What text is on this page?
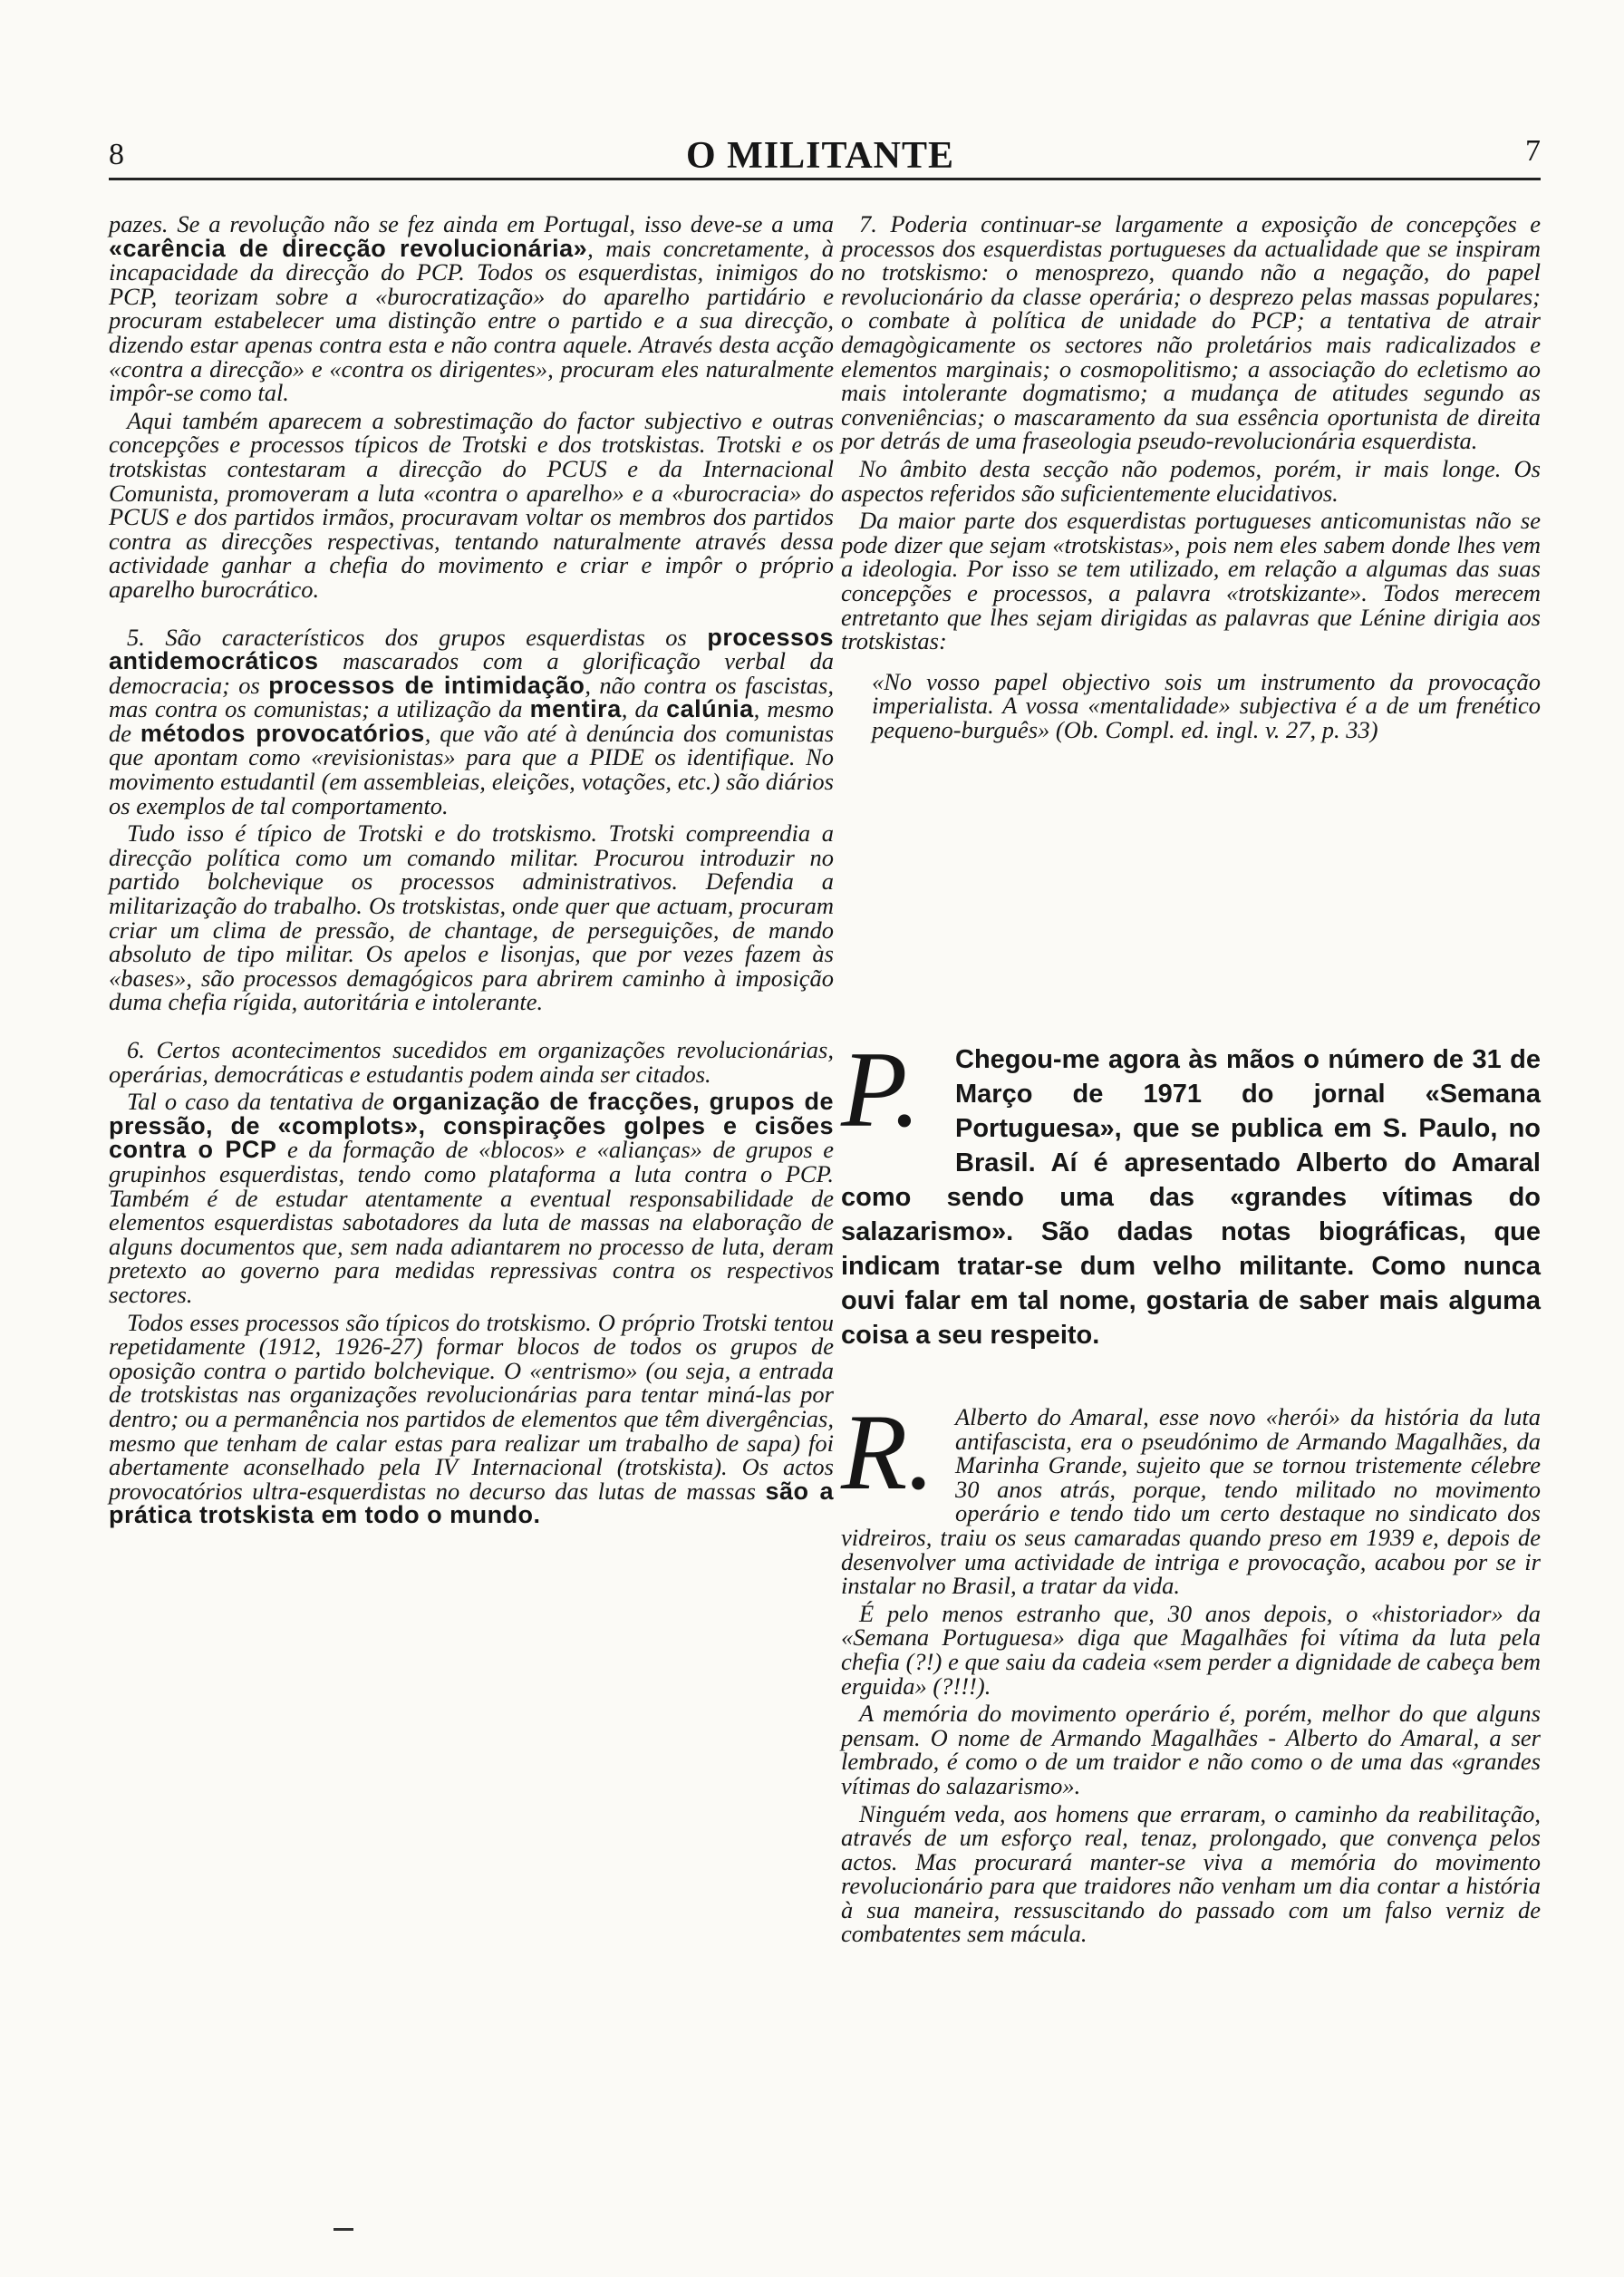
8	O MILITANTE	7

pazes. Se a revolução não se fez ainda em Portugal, isso deve-se a uma «carência de direcção revolucionária», mais concretamente, à incapacidade da direcção do PCP. Todos os esquerdistas, inimigos do PCP, teorizam sobre a «burocratização» do aparelho partidário e procuram estabelecer uma distinção entre o partido e a sua direcção, dizendo estar apenas contra esta e não contra aquele. Através desta acção «contra a direcção» e «contra os dirigentes», procuram eles naturalmente impôr-se como tal.

Aqui também aparecem a sobrestimação do factor subjectivo e outras concepções e processos típicos de Trotski e dos trotskistas. Trotski e os trotskistas contestaram a direcção do PCUS e da Internacional Comunista, promoveram a luta «contra o aparelho» e a «burocracia» do PCUS e dos partidos irmãos, procuravam voltar os membros dos partidos contra as direcções respectivas, tentando naturalmente através dessa actividade ganhar a chefia do movimento e criar e impôr o próprio aparelho burocrático.

5. São característicos dos grupos esquerdistas os processos antidemocráticos mascarados com a glorificação verbal da democracia; os processos de intimidação, não contra os fascistas, mas contra os comunistas; a utilização da mentira, da calúnia, mesmo de métodos provocatórios, que vão até à denúncia dos comunistas que apontam como «revisionistas» para que a PIDE os identifique. No movimento estudantil (em assembleias, eleições, votações, etc.) são diários os exemplos de tal comportamento.

Tudo isso é típico de Trotski e do trotskismo. Trotski compreendia a direcção política como um comando militar. Procurou introduzir no partido bolchevique os processos administrativos. Defendia a militarização do trabalho. Os trotskistas, onde quer que actuam, procuram criar um clima de pressão, de chantage, de perseguições, de mando absoluto de tipo militar. Os apelos e lisonjas, que por vezes fazem às «bases», são processos demagógicos para abrirem caminho à imposição duma chefia rígida, autoritária e intolerante.

6. Certos acontecimentos sucedidos em organizações revolucionárias, operárias, democráticas e estudantis podem ainda ser citados.

Tal o caso da tentativa de organização de fracções, grupos de pressão, de «complots», conspirações golpes e cisões contra o PCP e da formação de «blocos» e «alianças» de grupos e grupinhos esquerdistas, tendo como plataforma a luta contra o PCP. Também é de estudar atentamente a eventual responsabilidade de elementos esquerdistas sabotadores da luta de massas na elaboração de alguns documentos que, sem nada adiantarem no processo de luta, deram pretexto ao governo para medidas repressivas contra os respectivos sectores.

Todos esses processos são típicos do trotskismo. O próprio Trotski tentou repetidamente (1912, 1926-27) formar blocos de todos os grupos de oposição contra o partido bolchevique. O «entrismo» (ou seja, a entrada de trotskistas nas organizações revolucionárias para tentar miná-las por dentro; ou a permanência nos partidos de elementos que têm divergências, mesmo que tenham de calar estas para realizar um trabalho de sapa) foi abertamente aconselhado pela IV Internacional (trotskista). Os actos provocatórios ultra-esquerdistas no decurso das lutas de massas são a prática trotskista em todo o mundo.

7. Poderia continuar-se largamente a exposição de concepções e processos dos esquerdistas portugueses da actualidade que se inspiram no trotskismo: o menosprezo, quando não a negação, do papel revolucionário da classe operária; o desprezo pelas massas populares; o combate à política de unidade do PCP; a tentativa de atrair demagògicamente os sectores não proletários mais radicalizados e elementos marginais; o cosmopolitismo; a associação do ecletismo ao mais intolerante dogmatismo; a mudança de atitudes segundo as conveniências; o mascaramento da sua essência oportunista de direita por detrás de uma fraseologia pseudo-revolucionária esquerdista.

No âmbito desta secção não podemos, porém, ir mais longe. Os aspectos referidos são suficientemente elucidativos.

Da maior parte dos esquerdistas portugueses anticomunistas não se pode dizer que sejam «trotskistas», pois nem eles sabem donde lhes vem a ideologia. Por isso se tem utilizado, em relação a algumas das suas concepções e processos, a palavra «trotskizante». Todos merecem entretanto que lhes sejam dirigidas as palavras que Lénine dirigia aos trotskistas:

«No vosso papel objectivo sois um instrumento da provocação imperialista. A vossa «mentalidade» subjectiva é a de um frenético pequeno-burguês» (Ob. Compl. ed. ingl. v. 27, p. 33)
P.	Chegou-me agora às mãos o número de 31 de Março de 1971 do jornal «Semana Portuguesa», que se publica em S. Paulo, no Brasil. Aí é apresentado Alberto do Amaral como sendo uma das «grandes vítimas do salazarismo». São dadas notas biográficas, que indicam tratar-se dum velho militante. Como nunca ouvi falar em tal nome, gostaria de saber mais alguma coisa a seu respeito.

R. Alberto do Amaral, esse novo «herói» da história da luta antifascista, era o pseudónimo de Armando Magalhães, da Marinha Grande, sujeito que se tornou tristemente célebre 30 anos atrás, porque, tendo militado no movimento operário e tendo tido um certo destaque no sindicato dos vidreiros, traiu os seus camaradas quando preso em 1939 e, depois de desenvolver uma actividade de intriga e provocação, acabou por se ir instalar no Brasil, a tratar da vida.

É pelo menos estranho que, 30 anos depois, o «historiador» da «Semana Portuguesa» diga que Magalhães foi vítima da luta pela chefia (?!) e que saiu da cadeia «sem perder a dignidade de cabeça bem erguida» (?!!!).

A memória do movimento operário é, porém, melhor do que alguns pensam. O nome de Armando Magalhães - Alberto do Amaral, a ser lembrado, é como o de um traidor e não como o de uma das «grandes vítimas do salazarismo».

Ninguém veda, aos homens que erraram, o caminho da reabilitação, através de um esforço real, tenaz, prolongado, que convença pelos actos. Mas procurará manter-se viva a memória do movimento revolucionário para que traidores não venham um dia contar a história à sua maneira, ressuscitando do passado com um falso verniz de combatentes sem mácula.
